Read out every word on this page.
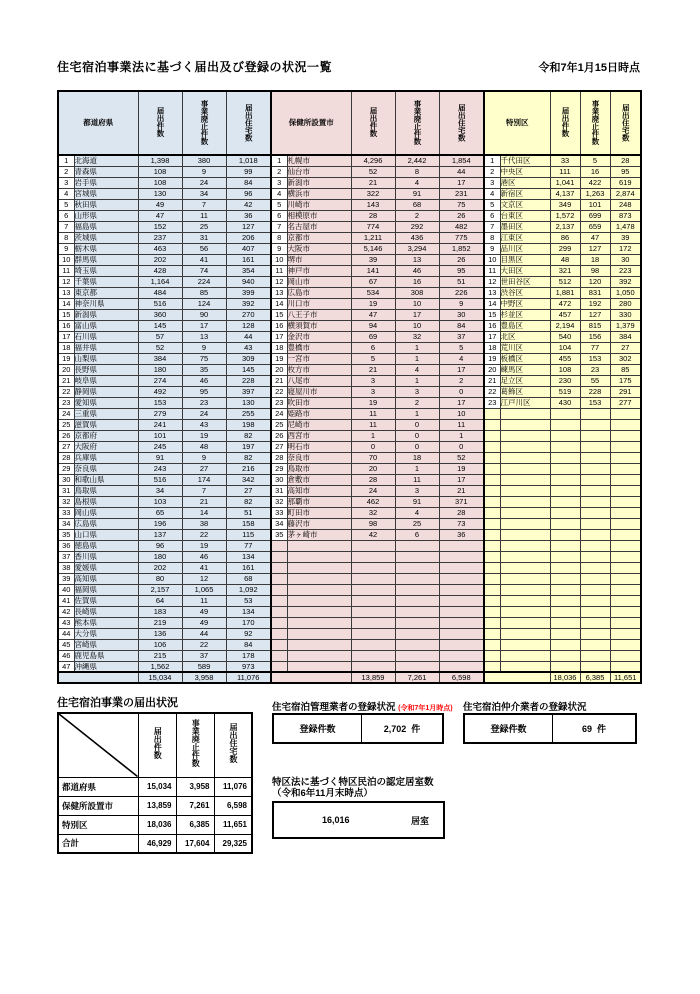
住宅宿泊事業法に基づく届出及び登録の状況一覧	令和7年1月15日時点
都道府県		届出件数	事業廃止件数	届出住宅数	保健所設置市		届出件数	事業廃止件数	届出住宅数	特別区		届出件数	事業廃止件数	届出住宅数
1	北海道	1,398	380	1,018	1	札幌市	4,296	2,442	1,854	1	千代田区	33	5	28
2	青森県	108	9	99	2	仙台市	52	8	44	2	中央区	111	16	95
3	岩手県	108	24	84	3	新潟市	21	4	17	3	港区	1,041	422	619
4	宮城県	130	34	96	4	横浜市	322	91	231	4	新宿区	4,137	1,263	2,874
5	秋田県	49	7	42	5	川崎市	143	68	75	5	文京区	349	101	248
6	山形県	47	11	36	6	相模原市	28	2	26	6	台東区	1,572	699	873
7	福島県	152	25	127	7	名古屋市	774	292	482	7	墨田区	2,137	659	1,478
8	茨城県	237	31	206	8	京都市	1,211	436	775	8	江東区	86	47	39
9	栃木県	463	56	407	9	大阪市	5,146	3,294	1,852	9	品川区	299	127	172
10	群馬県	202	41	161	10	堺市	39	13	26	10	目黒区	48	18	30
11	埼玉県	428	74	354	11	神戸市	141	46	95	11	大田区	321	98	223
12	千葉県	1,164	224	940	12	岡山市	67	16	51	12	世田谷区	512	120	392
13	東京都	484	85	399	13	広島市	534	308	226	13	渋谷区	1,881	831	1,050
14	神奈川県	516	124	392	14	川口市	19	10	9	14	中野区	472	192	280
15	新潟県	360	90	270	15	八王子市	47	17	30	15	杉並区	457	127	330
16	富山県	145	17	128	16	横須賀市	94	10	84	16	豊島区	2,194	815	1,379
17	石川県	57	13	44	17	金沢市	69	32	37	17	北区	540	156	384
18	福井県	52	9	43	18	豊橋市	6	1	5	18	荒川区	104	77	27
19	山梨県	384	75	309	19	一宮市	5	1	4	19	板橋区	455	153	302
20	長野県	180	35	145	20	枚方市	21	4	17	20	練馬区	108	23	85
21	岐阜県	274	46	228	21	八尾市	3	1	2	21	足立区	230	55	175
22	静岡県	492	95	397	22	寝屋川市	3	3	0	22	葛飾区	519	228	291
23	愛知県	153	23	130	23	吹田市	19	2	17	23	江戸川区	430	153	277
24	三重県	279	24	255	24	姫路市	11	1	10					
25	滋賀県	241	43	198	25	尼崎市	11	0	11					
26	京都府	101	19	82	26	西宮市	1	0	1					
27	大阪府	245	48	197	27	明石市	0	0	0					
28	兵庫県	91	9	82	28	奈良市	70	18	52					
29	奈良県	243	27	216	29	鳥取市	20	1	19					
30	和歌山県	516	174	342	30	倉敷市	28	11	17					
31	鳥取県	34	7	27	31	高知市	24	3	21					
32	島根県	103	21	82	32	那覇市	462	91	371					
33	岡山県	65	14	51	33	町田市	32	4	28					
34	広島県	196	38	158	34	藤沢市	98	25	73					
35	山口県	137	22	115	35	茅ヶ崎市	42	6	36					
36	徳島県	96	19	77										
37	香川県	180	46	134										
38	愛媛県	202	41	161										
39	高知県	80	12	68										
40	福岡県	2,157	1,065	1,092										
41	佐賀県	64	11	53										
42	長崎県	183	49	134										
43	熊本県	219	49	170										
44	大分県	136	44	92										
45	宮崎県	106	22	84										
46	鹿児島県	215	37	178										
47	沖縄県	1,562	589	973										
		15,034	3,958	11,076			13,859	7,261	6,598			18,036	6,385	11,651
住宅宿泊事業の届出状況
	届出件数	事業廃止件数	届出住宅数
都道府県	15,034	3,958	11,076
保健所設置市	13,859	7,261	6,598
特別区	18,036	6,385	11,651
合計	46,929	17,604	29,325
住宅宿泊管理業者の登録状況 (令和7年1月時点)
登録件数	2,702 件
住宅宿泊仲介業者の登録状況
登録件数	69 件
特区法に基づく特区民泊の認定居室数
（令和6年11月末時点）
16,016	居室
